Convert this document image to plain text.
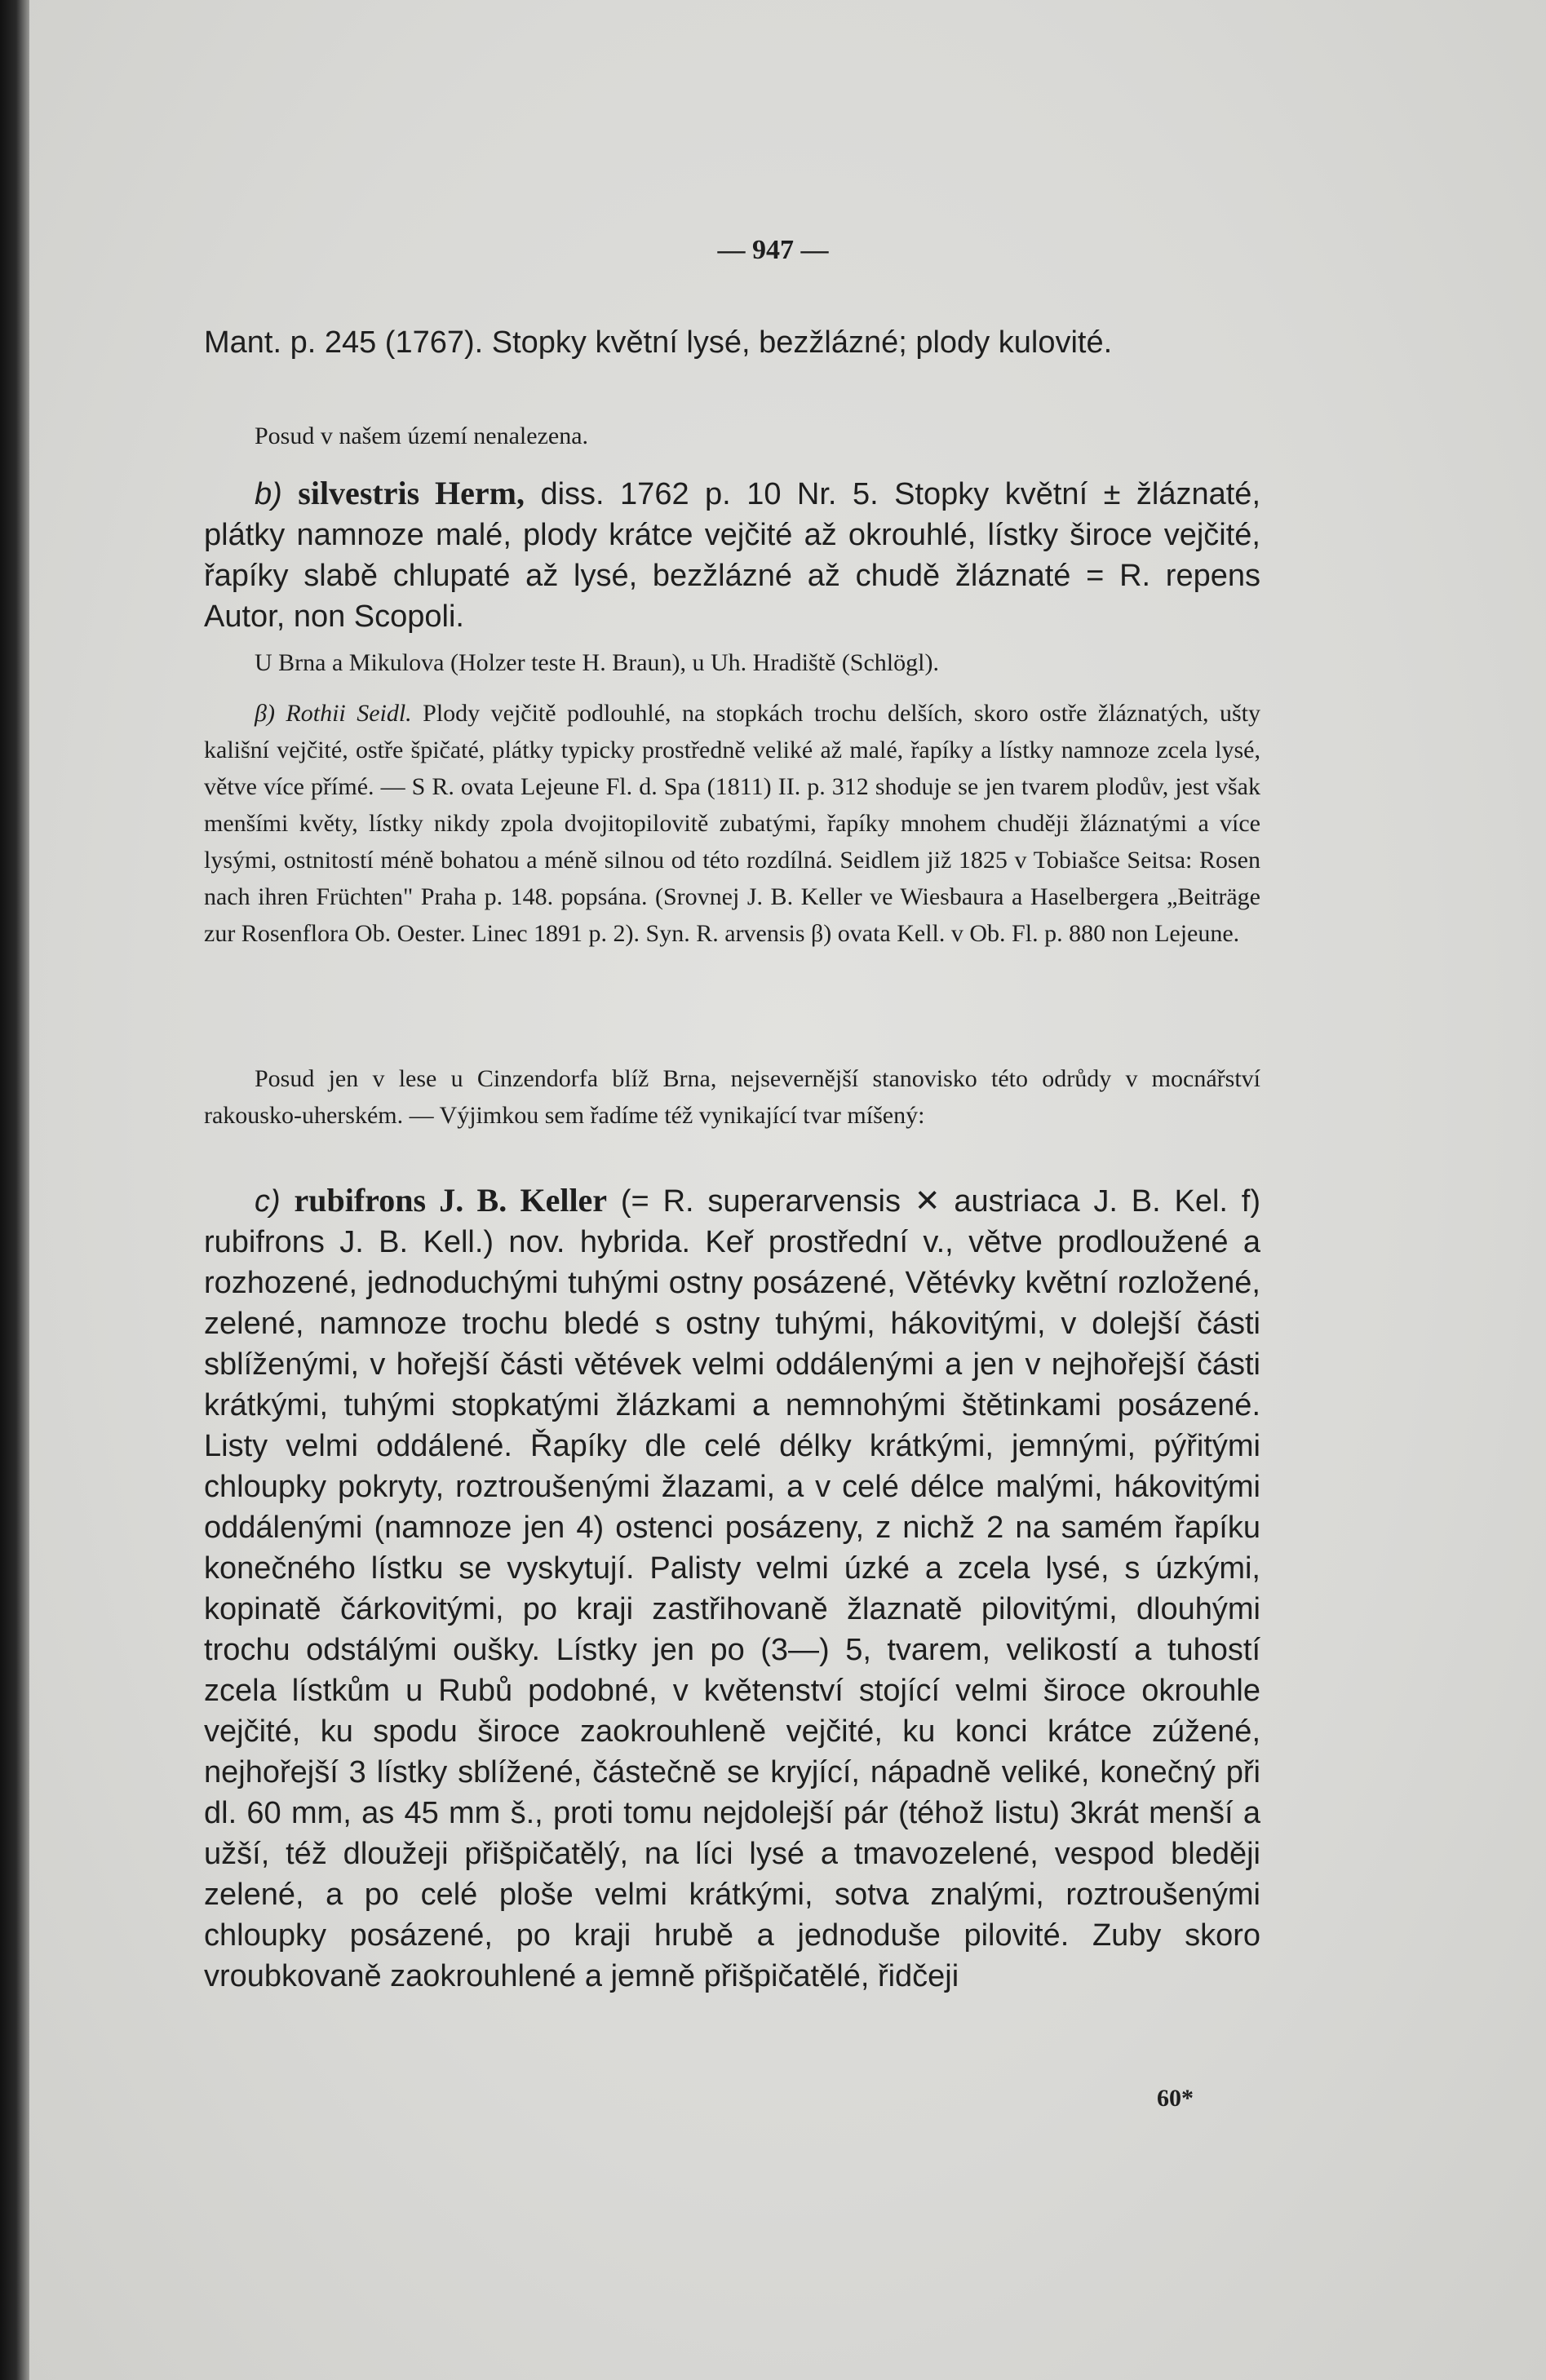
— 947 —

Mant. p. 245 (1767). Stopky květní lysé, bezžlázné; plody kulovité.

Posud v našem území nenalezena.

b) silvestris Herm, diss. 1762 p. 10 Nr. 5. Stopky květní ± žláznaté, plátky namnoze malé, plody krátce vejčité až okrouhlé, lístky široce vejčité, řapíky slabě chlupaté až lysé, bezžlázné až chudě žláznaté = R. repens Autor, non Scopoli.

U Brna a Mikulova (Holzer teste H. Braun), u Uh. Hradiště (Schlögl).

β) Rothii Seidl. Plody vejčitě podlouhlé, na stopkách trochu delších, skoro ostře žláznatých, ušty kališní vejčité, ostře špičaté, plátky typicky prostředně veliké až malé, řapíky a lístky namnoze zcela lysé, větve více přímé. — S R. ovata Lejeune Fl. d. Spa (1811) II. p. 312 shoduje se jen tvarem plodův, jest však menšími květy, lístky nikdy zpola dvojitopilovitě zubatými, řapíky mnohem chuději žláznatými a více lysými, ostnitostí méně bohatou a méně silnou od této rozdílná. Seidlem již 1825 v Tobiašce Seitsa: Rosen nach ihren Früchten" Praha p. 148. popsána. (Srovnej J. B. Keller ve Wiesbaura a Haselbergera „Beiträge zur Rosenflora Ob. Oester. Linec 1891 p. 2). Syn. R. arvensis β) ovata Kell. v Ob. Fl. p. 880 non Lejeune.

Posud jen v lese u Cinzendorfa blíž Brna, nejseverněјší stanovisko této odrůdy v mocnářství rakousko-uherském. — Výjimkou sem řadíme též vynikající tvar míšený:

c) rubifrons J. B. Keller (= R. superarvensis ✕ austriaca J. B. Kel. f) rubifrons J. B. Kell.) nov. hybrida. Keř prostřední v., větve prodloužené a rozhozené, jednoduchými tuhými ostny posázené, Větévky květní rozložené, zelené, namnoze trochu bledé s ostny tuhými, hákovitými, v dolejší části sblíženými, v hořejší části větévek velmi oddálenými a jen v nejhořejší části krátkými, tuhými stopkatými žlázkami a nemnohými štětinkami posázené. Listy velmi oddálené. Řapíky dle celé délky krátkými, jemnými, pýřitými chloupky pokryty, roztroušenými žlazami, a v celé délce malými, hákovitými oddálenými (namnoze jen 4) ostenci posázeny, z nichž 2 na samém řapíku konečného lístku se vyskytují. Palisty velmi úzké a zcela lysé, s úzkými, kopinatě čárkovitými, po kraji zastřihovaně žlaznatě pilovitými, dlouhými trochu odstálými oušky. Lístky jen po (3—) 5, tvarem, velikostí a tuhostí zcela lístkům u Rubů podobné, v květenství stojící velmi široce okrouhle vejčité, ku spodu široce zaokrouhleně vejčité, ku konci krátce zúžené, nejhořejší 3 lístky sblížené, částečně se kryjící, nápadně veliké, konečný při dl. 60 mm, as 45 mm š., proti tomu nejdolejší pár (téhož listu) 3krát menší a užší, též dloužeji přišpičatělý, na líci lysé a tmavozelené, vespod bleději zelené, a po celé ploše velmi krátkými, sotva znalými, roztroušenými chloupky posázené, po kraji hrubě a jednoduše pilovité. Zuby skoro vroubkovaně zaokrouhlené a jemně přišpičatělé, řidčeji

60*
